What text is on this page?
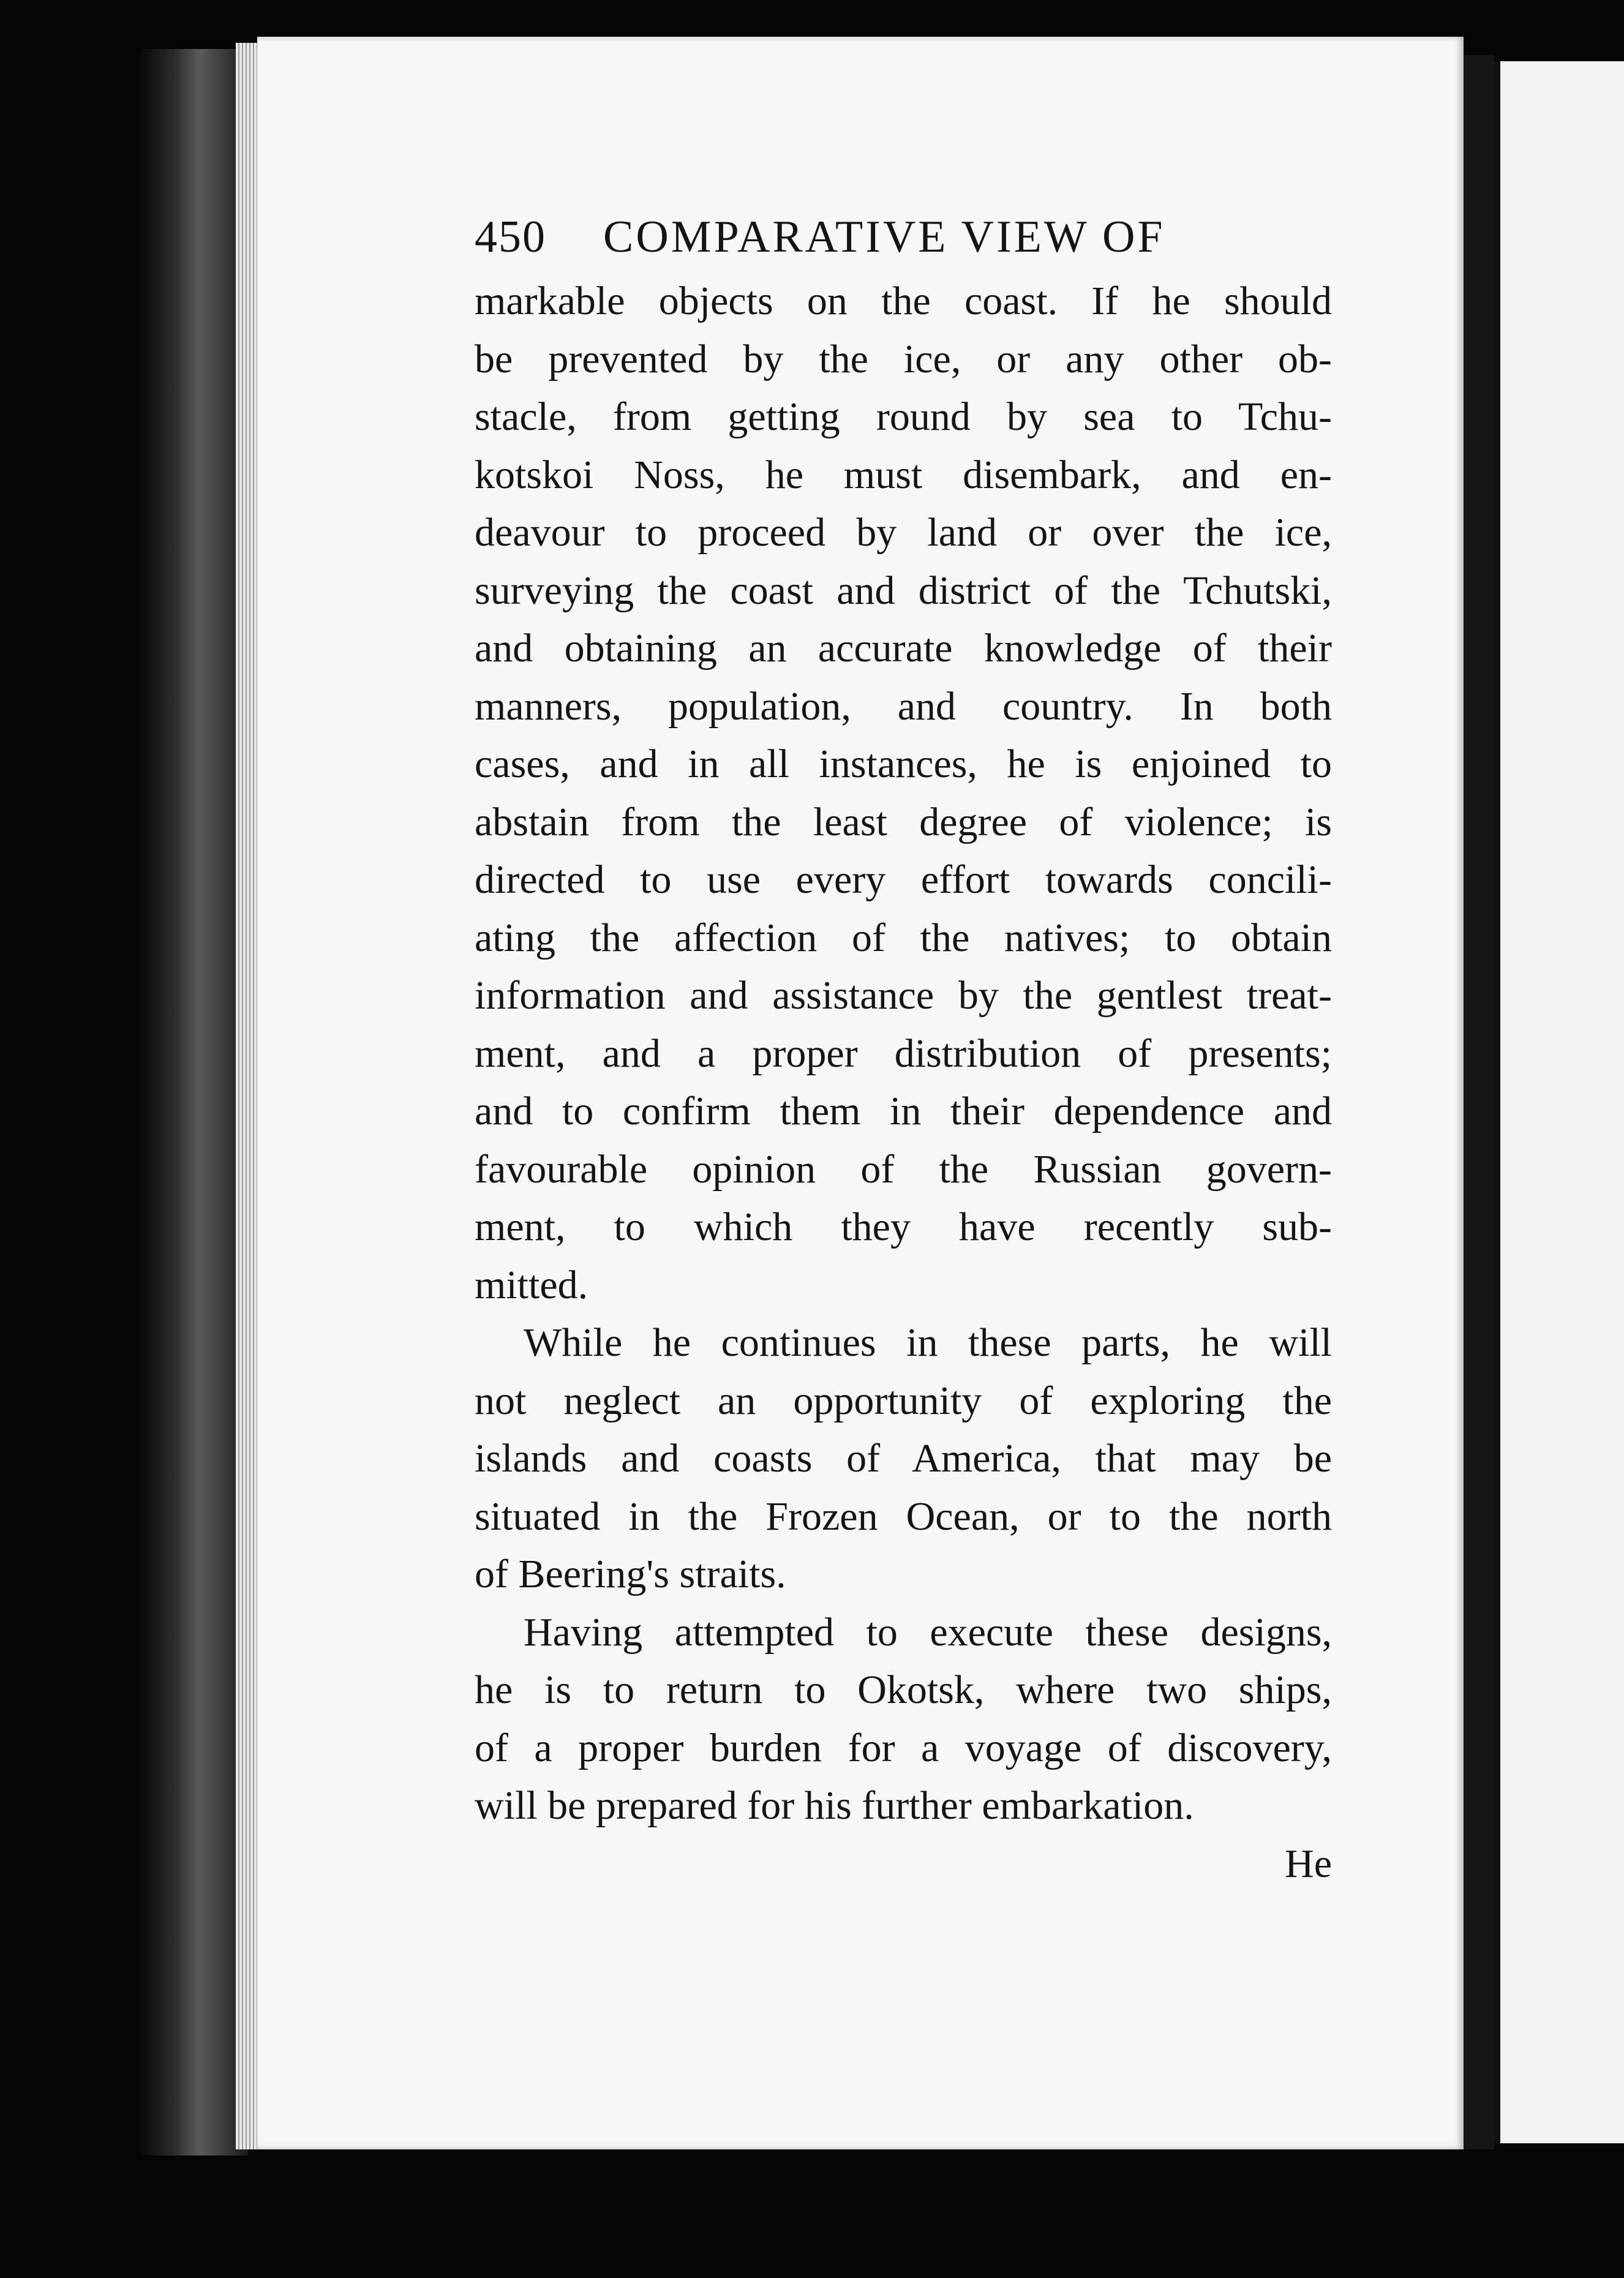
450	COMPARATIVE VIEW OF
markable objects on the coast. If he should
be prevented by the ice, or any other ob-
stacle, from getting round by sea to Tchu-
kotskoi Noss, he must disembark, and en-
deavour to proceed by land or over the ice,
surveying the coast and district of the Tchutski,
and obtaining an accurate knowledge of their
manners, population, and country. In both
cases, and in all instances, he is enjoined to
abstain from the least degree of violence; is
directed to use every effort towards concili-
ating the affection of the natives; to obtain
information and assistance by the gentlest treat-
ment, and a proper distribution of presents;
and to confirm them in their dependence and
favourable opinion of the Russian govern-
ment, to which they have recently sub-
mitted.
While he continues in these parts, he will
not neglect an opportunity of exploring the
islands and coasts of America, that may be
situated in the Frozen Ocean, or to the north
of Beering's straits.
Having attempted to execute these designs,
he is to return to Okotsk, where two ships,
of a proper burden for a voyage of discovery,
will be prepared for his further embarkation.
He
